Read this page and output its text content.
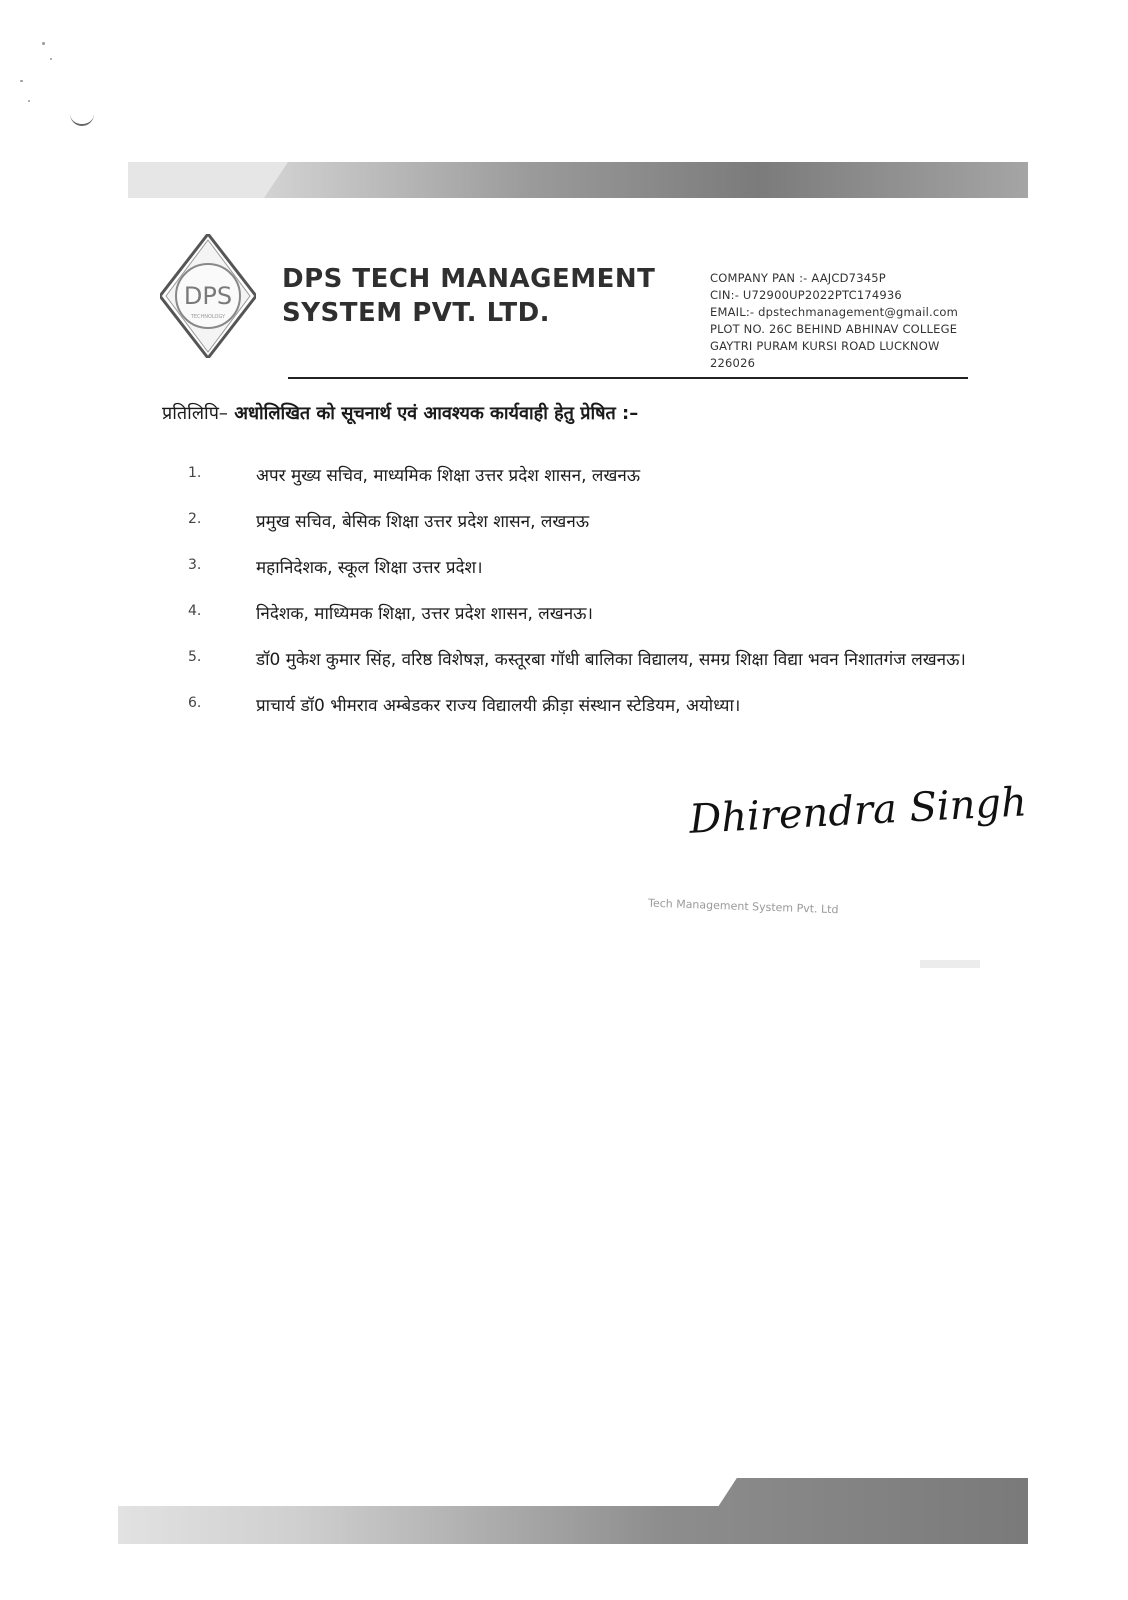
DPS
TECHNOLOGY
DPS TECH MANAGEMENT
SYSTEM PVT. LTD.
COMPANY PAN :- AAJCD7345P
CIN:- U72900UP2022PTC174936
EMAIL:- dpstechmanagement@gmail.com
PLOT NO. 26C BEHIND ABHINAV COLLEGE
GAYTRI PURAM KURSI ROAD LUCKNOW
226026
प्रतिलिपि– अधोलिखित को सूचनार्थ एवं आवश्यक कार्यवाही हेतु प्रेषित :–
1.	अपर मुख्य सचिव, माध्यमिक शिक्षा उत्तर प्रदेश शासन, लखनऊ
2.	प्रमुख सचिव, बेसिक शिक्षा उत्तर प्रदेश शासन, लखनऊ
3.	महानिदेशक, स्कूल शिक्षा उत्तर प्रदेश।
4.	निदेशक, माध्यिमक शिक्षा, उत्तर प्रदेश शासन, लखनऊ।
5.	डॉ0 मुकेश कुमार सिंह, वरिष्ठ विशेषज्ञ, कस्तूरबा गॉधी बालिका विद्यालय, समग्र शिक्षा विद्या भवन निशातगंज लखनऊ।
6.	प्राचार्य डॉ0 भीमराव अम्बेडकर राज्य विद्यालयी क्रीड़ा संस्थान स्टेडियम, अयोध्या।
Dhirendra Singh
Tech Management System Pvt. Ltd
